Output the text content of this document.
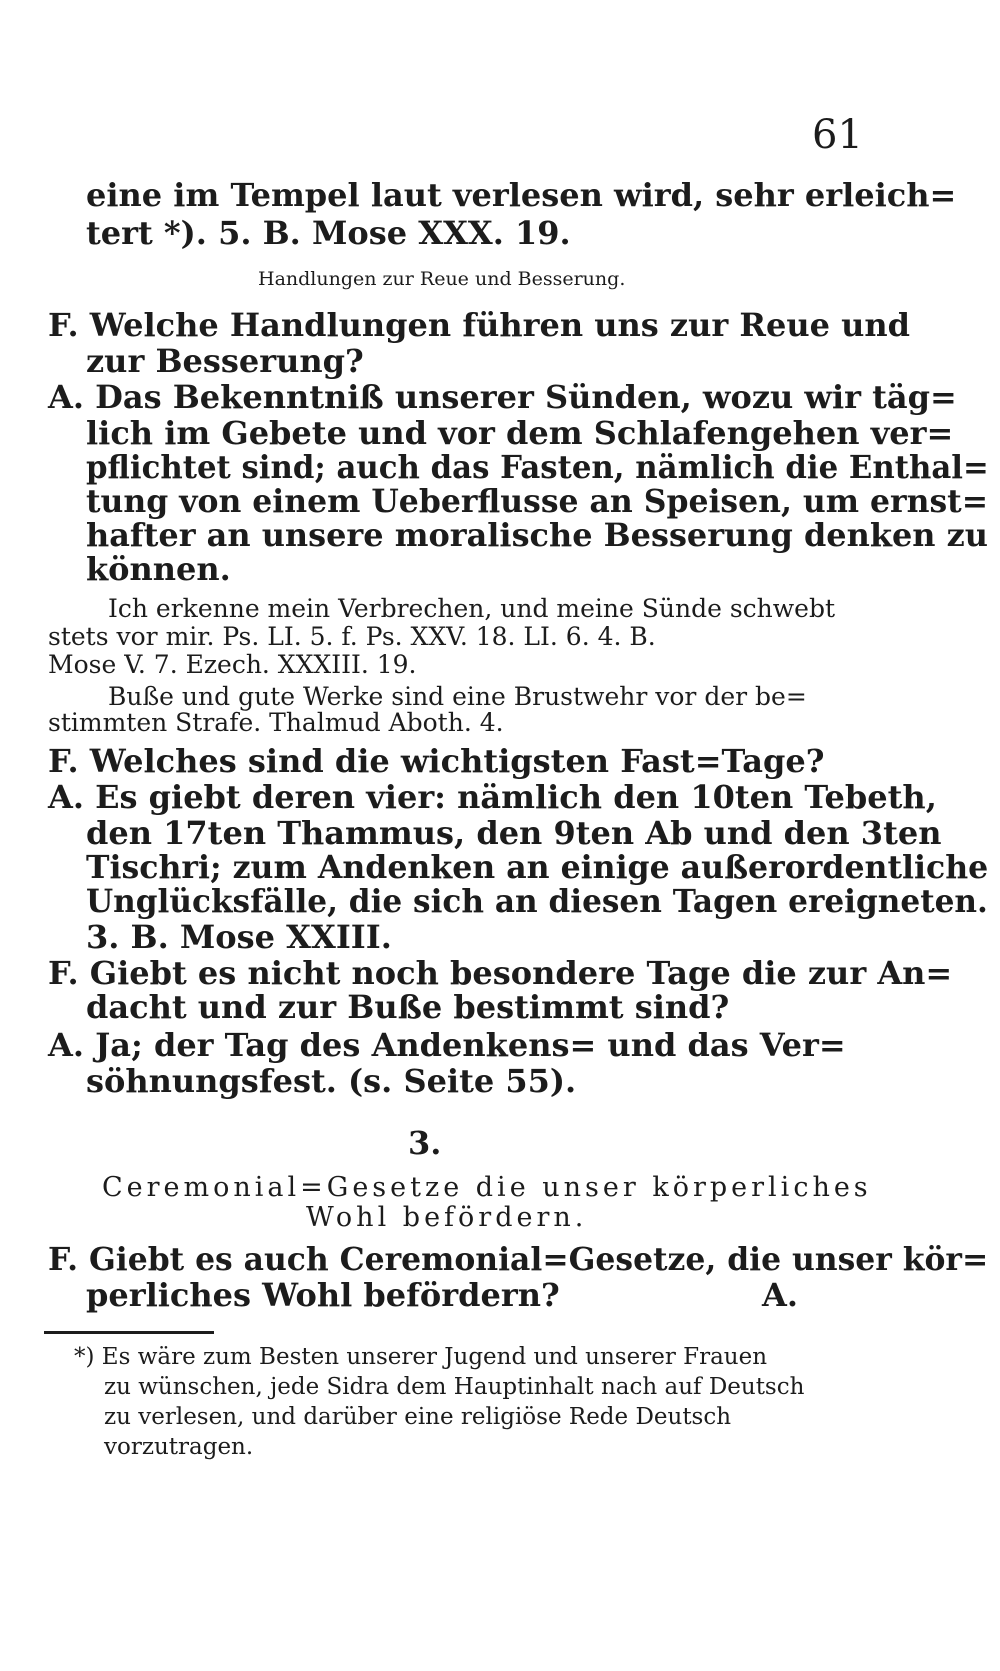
61
eine im Tempel laut verlesen wird, sehr erleich=
tert *). 5. B. Mose XXX. 19.
Handlungen zur Reue und Besserung.
F. Welche Handlungen führen uns zur Reue und
zur Besserung?
A. Das Bekenntniß unserer Sünden, wozu wir täg=
lich im Gebete und vor dem Schlafengehen ver=
pflichtet sind; auch das Fasten, nämlich die Enthal=
tung von einem Ueberflusse an Speisen, um ernst=
hafter an unsere moralische Besserung denken zu
können.
Ich erkenne mein Verbrechen, und meine Sünde schwebt
stets vor mir. Ps. LI. 5. f. Ps. XXV. 18. LI. 6. 4. B.
Mose V. 7. Ezech. XXXIII. 19.
Buße und gute Werke sind eine Brustwehr vor der be=
stimmten Strafe. Thalmud Aboth. 4.
F. Welches sind die wichtigsten Fast=Tage?
A. Es giebt deren vier: nämlich den 10ten Tebeth,
den 17ten Thammus, den 9ten Ab und den 3ten
Tischri; zum Andenken an einige außerordentliche
Unglücksfälle, die sich an diesen Tagen ereigneten.
3. B. Mose XXIII.
F. Giebt es nicht noch besondere Tage die zur An=
dacht und zur Buße bestimmt sind?
A. Ja; der Tag des Andenkens= und das Ver=
söhnungsfest. (s. Seite 55).
3.
Ceremonial=Gesetze die unser körperliches
Wohl befördern.
F. Giebt es auch Ceremonial=Gesetze, die unser kör=
perliches Wohl befördern?	A.
*) Es wäre zum Besten unserer Jugend und unserer Frauen
zu wünschen, jede Sidra dem Hauptinhalt nach auf Deutsch
zu verlesen, und darüber eine religiöse Rede Deutsch
vorzutragen.
